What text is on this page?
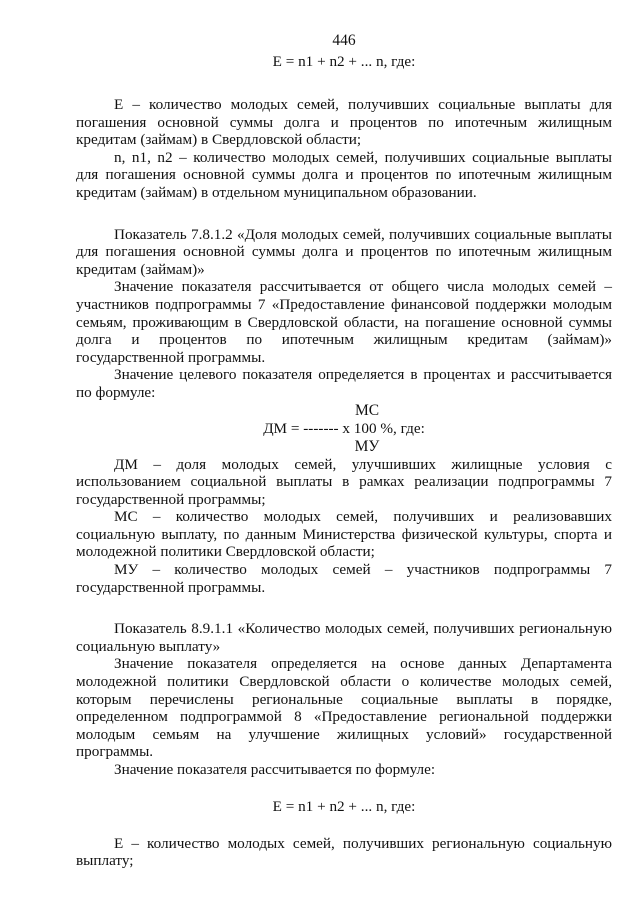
446
E = n1 + n2 + ... n, где:

E – количество молодых семей, получивших социальные выплаты для погашения основной суммы долга и процентов по ипотечным жилищным кредитам (займам) в Свердловской области;

n, n1, n2 – количество молодых семей, получивших социальные выплаты для погашения основной суммы долга и процентов по ипотечным жилищным кредитам (займам) в отдельном муниципальном образовании.

Показатель 7.8.1.2 «Доля молодых семей, получивших социальные выплаты для погашения основной суммы долга и процентов по ипотечным жилищным кредитам (займам)»

Значение показателя рассчитывается от общего числа молодых семей – участников подпрограммы 7 «Предоставление финансовой поддержки молодым семьям, проживающим в Свердловской области, на погашение основной суммы долга и процентов по ипотечным жилищным кредитам (займам)» государственной программы.

Значение целевого показателя определяется в процентах и рассчитывается по формуле:

МС
ДМ = ------- х 100 %, где:
МУ

ДМ – доля молодых семей, улучшивших жилищные условия с использованием социальной выплаты в рамках реализации подпрограммы 7 государственной программы;

МС – количество молодых семей, получивших и реализовавших социальную выплату, по данным Министерства физической культуры, спорта и молодежной политики Свердловской области;

МУ – количество молодых семей – участников подпрограммы 7 государственной программы.

Показатель 8.9.1.1 «Количество молодых семей, получивших региональную социальную выплату»

Значение показателя определяется на основе данных Департамента молодежной политики Свердловской области о количестве молодых семей, которым перечислены региональные социальные выплаты в порядке, определенном подпрограммой 8 «Предоставление региональной поддержки молодым семьям на улучшение жилищных условий» государственной программы.

Значение показателя рассчитывается по формуле:

E = n1 + n2 + ... n, где:

E – количество молодых семей, получивших региональную социальную выплату;
